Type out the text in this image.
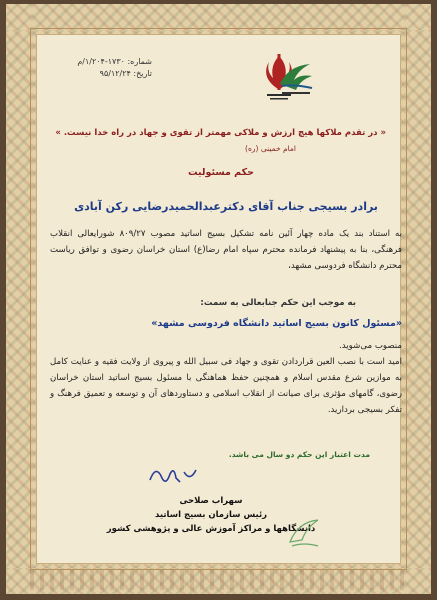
شماره: ۱۷۳۰-۱/۲۰۴/م
تاریخ: ۹۵/۱۲/۲۴
« در تقدم ملاکها هیچ ارزش و ملاکی مهمتر از تقوی و جهاد در راه خدا نیست. »
امام خمینی (ره)
حکم مسئولیت
برادر بسیجی جناب آقای دکترعبدالحمیدرضایی رکن آبادی
به استناد بند یک ماده چهار آئین نامه تشکیل بسیج اساتید مصوب ۸۰۹/۲۷ شورایعالی انقلاب فرهنگی، بنا به پیشنهاد فرمانده محترم سپاه امام رضا(ع) استان خراسان رضوی و توافق ریاست محترم دانشگاه فردوسی مشهد،
به موجب این حکم جنابعالی به سمت:
«مسئول کانون بسیج اساتید دانشگاه فردوسی مشهد»
منصوب می‌شوید.
امید است با نصب العین قراردادن تقوی و جهاد فی سبیل الله و پیروی از ولایت فقیه و عنایت کامل به موازین شرع مقدس اسلام و همچنین حفظ هماهنگی با مسئول بسیج اساتید استان خراسان رضوی، گامهای مؤثری برای صیانت از انقلاب اسلامی و دستاوردهای آن و توسعه و تعمیق فرهنگ و تفکر بسیجی بردارید.
مدت اعتبار این حکم دو سال می باشد.
سهراب صلاحی
رئیس سازمان بسیج اساتید
دانشگاهها و مراکز آموزش عالی و پژوهشی کشور
